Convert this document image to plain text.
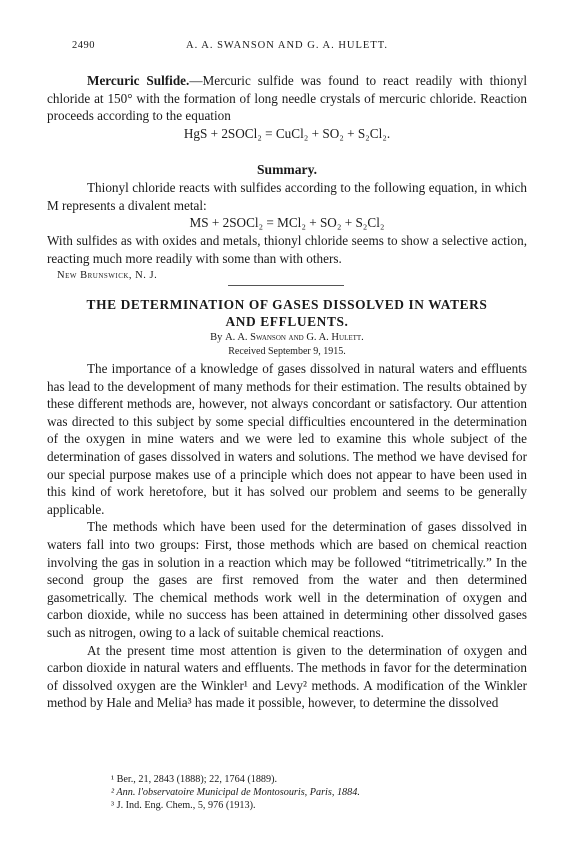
2490	A. A. SWANSON AND G. A. HULETT.

Mercuric Sulfide.—Mercuric sulfide was found to react readily with thionyl chloride at 150° with the formation of long needle crystals of mercuric chloride. Reaction proceeds according to the equation

HgS + 2SOCl₂ = CuCl₂ + SO₂ + S₂Cl₂.

Summary.

Thionyl chloride reacts with sulfides according to the following equation, in which M represents a divalent metal:

MS + 2SOCl₂ = MCl₂ + SO₂ + S₂Cl₂

With sulfides as with oxides and metals, thionyl chloride seems to show a selective action, reacting much more readily with some than with others.

New Brunswick, N. J.

THE DETERMINATION OF GASES DISSOLVED IN WATERS

AND EFFLUENTS.

By A. A. Swanson and G. A. Hulett.

Received September 9, 1915.

The importance of a knowledge of gases dissolved in natural waters and effluents has lead to the development of many methods for their estimation. The results obtained by these different methods are, however, not always concordant or satisfactory. Our attention was directed to this subject by some special difficulties encountered in the determination of the oxygen in mine waters and we were led to examine this whole subject of the determination of gases dissolved in waters and solutions. The method we have devised for our special purpose makes use of a principle which does not appear to have been used in this kind of work heretofore, but it has solved our problem and seems to be generally applicable.

The methods which have been used for the determination of gases dissolved in waters fall into two groups: First, those methods which are based on chemical reaction involving the gas in solution in a reaction which may be followed “titrimetrically.” In the second group the gases are first removed from the water and then determined gasometrically. The chemical methods work well in the determination of oxygen and carbon dioxide, while no success has been attained in determining other dissolved gases such as nitrogen, owing to a lack of suitable chemical reactions.

At the present time most attention is given to the determination of oxygen and carbon dioxide in natural waters and effluents. The methods in favor for the determination of dissolved oxygen are the Winkler¹ and Levy² methods. A modification of the Winkler method by Hale and Melia³ has made it possible, however, to determine the dissolved

¹ Ber., 21, 2843 (1888); 22, 1764 (1889).

² Ann. l'observatoire Municipal de Montosouris, Paris, 1884.

³ J. Ind. Eng. Chem., 5, 976 (1913).
